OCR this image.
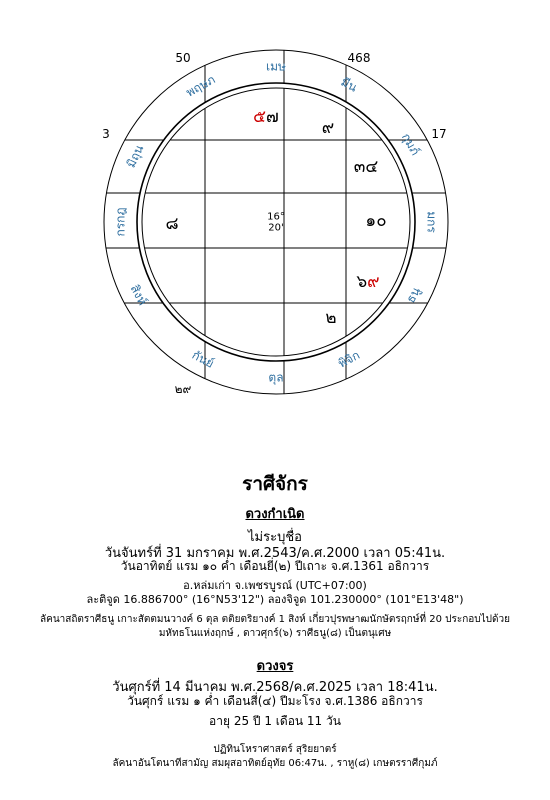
เมษ
พฤษภ
มิถุน
กรกฎ
สิงห์
กันย์
ตุล
พิจิก
ธนู
มกร
กุมภ์
มีน
50	468
3	17
๒๙
๕๗
๙
๓๔
๑๐
๖๙
๒
๘	16°
20'
ราศีจักร
ดวงกำเนิด
ไม่ระบุชื่อ
วันจันทร์ที่ 31 มกราคม พ.ศ.2543/ค.ศ.2000 เวลา 05:41น.
วันอาทิตย์ แรม ๑๐ ค่ำ เดือนยี่(๒) ปีเถาะ จ.ศ.1361 อธิกวาร
อ.หล่มเก่า จ.เพชรบูรณ์ (UTC+07:00)
ละติจูด 16.886700° (16°N53'12") ลองจิจูด 101.230000° (101°E13'48")
ลัคนาสถิตราศีธนู เกาะสัตตมนวางค์ 6 ตุล ตติยตริยางค์ 1 สิงห์ เกี่ยวปุรพษาฒนักษัตรฤกษ์ที่ 20 ประกอบไปด้วย
มหัทธโนแห่งฤกษ์ , ดาวศุกร์(๖) ราศีธนู(๘) เป็นตนุเศษ
ดวงจร
วันศุกร์ที่ 14 มีนาคม พ.ศ.2568/ค.ศ.2025 เวลา 18:41น.
วันศุกร์ แรม ๑ ค่ำ เดือนสี่(๔) ปีมะโรง จ.ศ.1386 อธิกวาร
อายุ 25 ปี 1 เดือน 11 วัน
ปฏิทินโหราศาสตร์ สุริยยาตร์
ลัคนาอันโตนาทีสามัญ สมผุสอาทิตย์อุทัย 06:47น. , ราหู(๘) เกษตรราศีกุมภ์
